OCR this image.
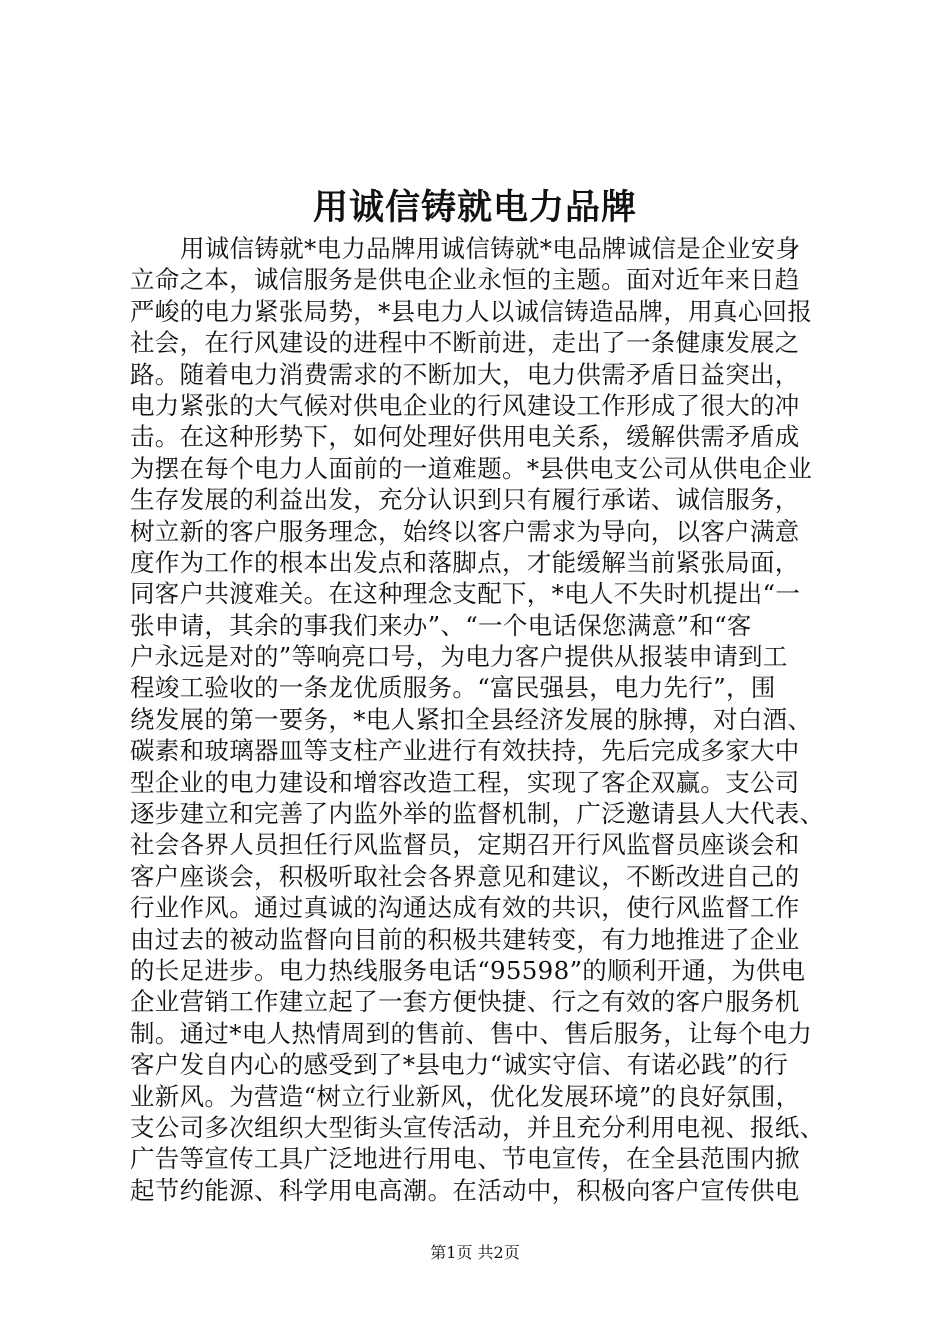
用诚信铸就电力品牌
用诚信铸就*电力品牌用诚信铸就*电品牌诚信是企业安身
立命之本，诚信服务是供电企业永恒的主题。面对近年来日趋
严峻的电力紧张局势，*县电力人以诚信铸造品牌，用真心回报
社会，在行风建设的进程中不断前进，走出了一条健康发展之
路。随着电力消费需求的不断加大，电力供需矛盾日益突出，
电力紧张的大气候对供电企业的行风建设工作形成了很大的冲
击。在这种形势下，如何处理好供用电关系，缓解供需矛盾成
为摆在每个电力人面前的一道难题。*县供电支公司从供电企业
生存发展的利益出发，充分认识到只有履行承诺、诚信服务，
树立新的客户服务理念，始终以客户需求为导向，以客户满意
度作为工作的根本出发点和落脚点，才能缓解当前紧张局面，
同客户共渡难关。在这种理念支配下，*电人不失时机提出“一
张申请，其余的事我们来办”、“一个电话保您满意”和“客
户永远是对的”等响亮口号，为电力客户提供从报装申请到工
程竣工验收的一条龙优质服务。“富民强县，电力先行”，围
绕发展的第一要务，*电人紧扣全县经济发展的脉搏，对白酒、
碳素和玻璃器皿等支柱产业进行有效扶持，先后完成多家大中
型企业的电力建设和增容改造工程，实现了客企双赢。支公司
逐步建立和完善了内监外举的监督机制，广泛邀请县人大代表、
社会各界人员担任行风监督员，定期召开行风监督员座谈会和
客户座谈会，积极听取社会各界意见和建议，不断改进自己的
行业作风。通过真诚的沟通达成有效的共识，使行风监督工作
由过去的被动监督向目前的积极共建转变，有力地推进了企业
的长足进步。电力热线服务电话“95598”的顺利开通，为供电
企业营销工作建立起了一套方便快捷、行之有效的客户服务机
制。通过*电人热情周到的售前、售中、售后服务，让每个电力
客户发自内心的感受到了*县电力“诚实守信、有诺必践”的行
业新风。为营造“树立行业新风，优化发展环境”的良好氛围，
支公司多次组织大型街头宣传活动，并且充分利用电视、报纸、
广告等宣传工具广泛地进行用电、节电宣传，在全县范围内掀
起节约能源、科学用电高潮。在活动中，积极向客户宣传供电
第1页 共2页
